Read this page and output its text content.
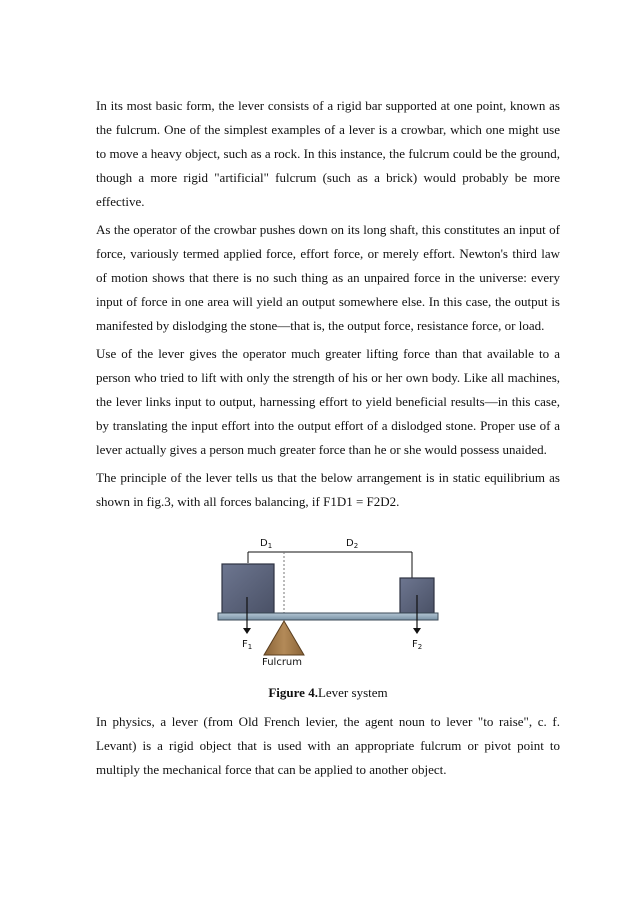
In its most basic form, the lever consists of a rigid bar supported at one point, known as the fulcrum. One of the simplest examples of a lever is a crowbar, which one might use to move a heavy object, such as a rock. In this instance, the fulcrum could be the ground, though a more rigid "artificial" fulcrum (such as a brick) would probably be more effective.

As the operator of the crowbar pushes down on its long shaft, this constitutes an input of force, variously termed applied force, effort force, or merely effort. Newton's third law of motion shows that there is no such thing as an unpaired force in the universe: every input of force in one area will yield an output somewhere else. In this case, the output is manifested by dislodging the stone—that is, the output force, resistance force, or load.

Use of the lever gives the operator much greater lifting force than that available to a person who tried to lift with only the strength of his or her own body. Like all machines, the lever links input to output, harnessing effort to yield beneficial results—in this case, by translating the input effort into the output effort of a dislodged stone. Proper use of a lever actually gives a person much greater force than he or she would possess unaided.

The principle of the lever tells us that the below arrangement is in static equilibrium as shown in fig.3, with all forces balancing, if F1D1 = F2D2.

$D_1$	$D_2$
$F_1$	$F_2$
Fulcrum

Figure 4.Lever system

In physics, a lever (from Old French levier, the agent noun to lever "to raise", c. f. Levant) is a rigid object that is used with an appropriate fulcrum or pivot point to multiply the mechanical force that can be applied to another object.
